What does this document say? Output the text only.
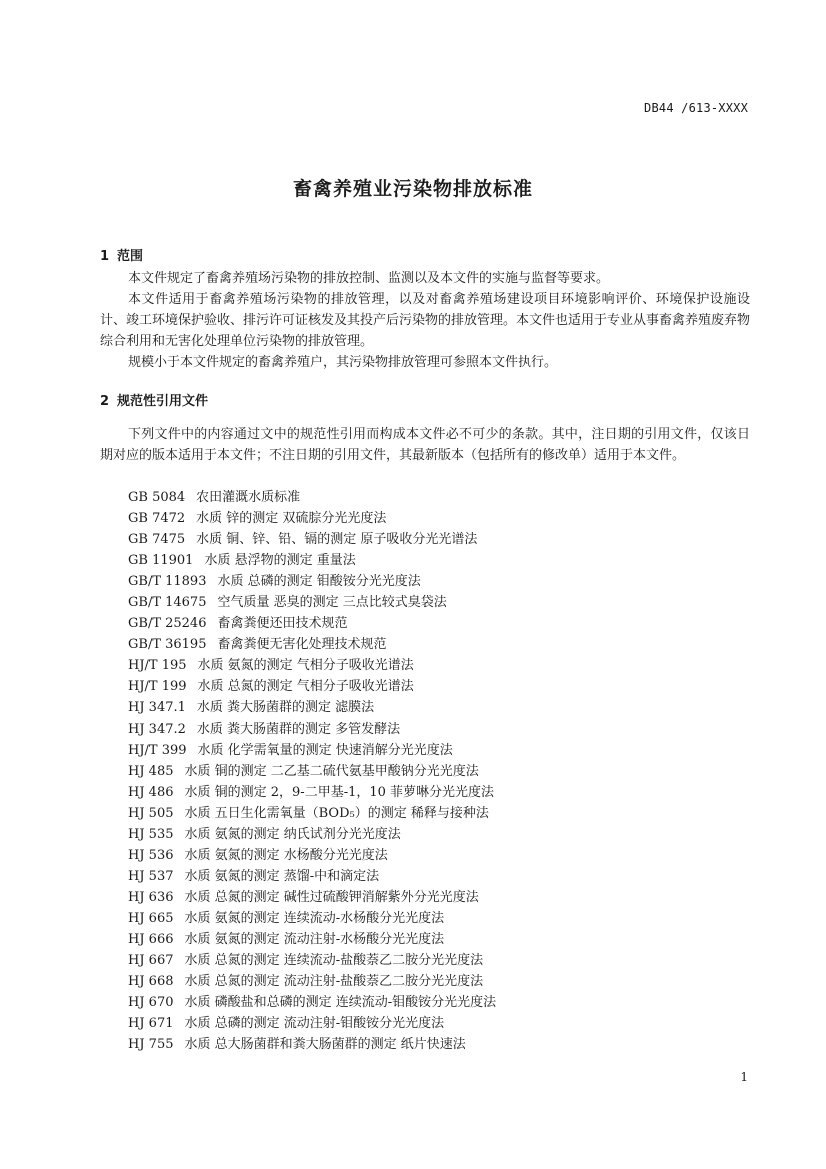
DB44 /613-XXXX
畜禽养殖业污染物排放标准
1 范围

本文件规定了畜禽养殖场污染物的排放控制、监测以及本文件的实施与监督等要求。

本文件适用于畜禽养殖场污染物的排放管理，以及对畜禽养殖场建设项目环境影响评价、环境保护设施设计、竣工环境保护验收、排污许可证核发及其投产后污染物的排放管理。本文件也适用于专业从事畜禽养殖废弃物综合利用和无害化处理单位污染物的排放管理。

规模小于本文件规定的畜禽养殖户，其污染物排放管理可参照本文件执行。

2 规范性引用文件

下列文件中的内容通过文中的规范性引用而构成本文件必不可少的条款。其中，注日期的引用文件，仅该日期对应的版本适用于本文件；不注日期的引用文件，其最新版本（包括所有的修改单）适用于本文件。

GB 5084 农田灌溉水质标准
GB 7472 水质 锌的测定 双硫腙分光光度法
GB 7475 水质 铜、锌、铅、镉的测定 原子吸收分光光谱法
GB 11901 水质 悬浮物的测定 重量法
GB/T 11893 水质 总磷的测定 钼酸铵分光光度法
GB/T 14675 空气质量 恶臭的测定 三点比较式臭袋法
GB/T 25246 畜禽粪便还田技术规范
GB/T 36195 畜禽粪便无害化处理技术规范
HJ/T 195 水质 氨氮的测定 气相分子吸收光谱法
HJ/T 199 水质 总氮的测定 气相分子吸收光谱法
HJ 347.1 水质 粪大肠菌群的测定 滤膜法
HJ 347.2 水质 粪大肠菌群的测定 多管发酵法
HJ/T 399 水质 化学需氧量的测定 快速消解分光光度法
HJ 485 水质 铜的测定 二乙基二硫代氨基甲酸钠分光光度法
HJ 486 水质 铜的测定 2，9-二甲基-1，10 菲萝啉分光光度法
HJ 505 水质 五日生化需氧量（BOD₅）的测定 稀释与接种法
HJ 535 水质 氨氮的测定 纳氏试剂分光光度法
HJ 536 水质 氨氮的测定 水杨酸分光光度法
HJ 537 水质 氨氮的测定 蒸馏-中和滴定法
HJ 636 水质 总氮的测定 碱性过硫酸钾消解紫外分光光度法
HJ 665 水质 氨氮的测定 连续流动-水杨酸分光光度法
HJ 666 水质 氨氮的测定 流动注射-水杨酸分光光度法
HJ 667 水质 总氮的测定 连续流动-盐酸萘乙二胺分光光度法
HJ 668 水质 总氮的测定 流动注射-盐酸萘乙二胺分光光度法
HJ 670 水质 磷酸盐和总磷的测定 连续流动-钼酸铵分光光度法
HJ 671 水质 总磷的测定 流动注射-钼酸铵分光光度法
HJ 755 水质 总大肠菌群和粪大肠菌群的测定 纸片快速法
1
